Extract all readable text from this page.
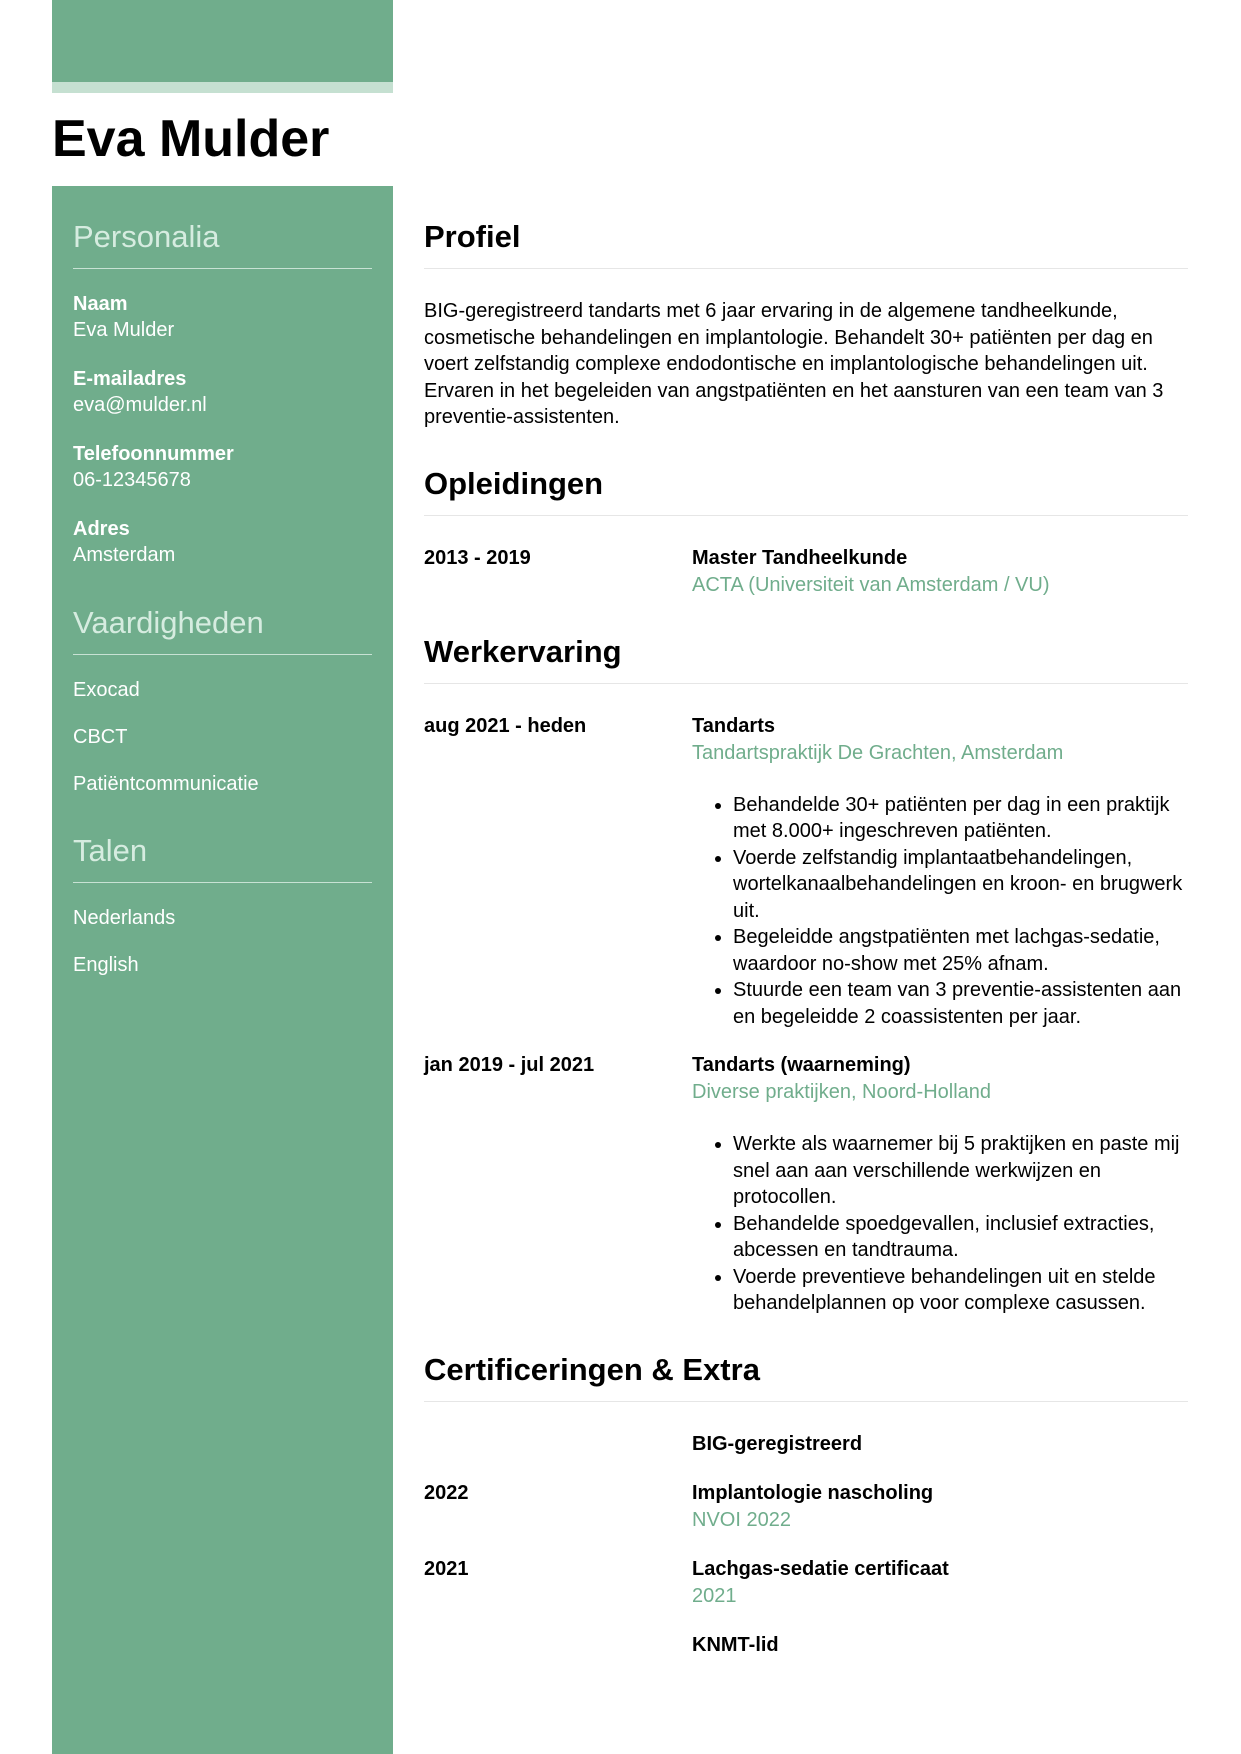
Eva Mulder
Personalia
Naam
Eva Mulder
E-mailadres
eva@mulder.nl
Telefoonnummer
06-12345678
Adres
Amsterdam
Vaardigheden
Exocad
CBCT
Patiëntcommunicatie
Talen
Nederlands
English
Profiel

BIG-geregistreerd tandarts met 6 jaar ervaring in de algemene tandheelkunde, cosmetische behandelingen en implantologie. Behandelt 30+ patiënten per dag en voert zelfstandig complexe endodontische en implantologische behandelingen uit. Ervaren in het begeleiden van angstpatiënten en het aansturen van een team van 3 preventie-assistenten.

Opleidingen
2013 - 2019	Master Tandheelkunde
ACTA (Universiteit van Amsterdam / VU)
Werkervaring
aug 2021 - heden	Tandarts
Tandartspraktijk De Grachten, Amsterdam
• Behandelde 30+ patiënten per dag in een praktijk met 8.000+ ingeschreven patiënten.
• Voerde zelfstandig implantaatbehandelingen, wortelkanaalbehandelingen en kroon- en brugwerk uit.
• Begeleidde angstpatiënten met lachgas-sedatie, waardoor no-show met 25% afnam.
• Stuurde een team van 3 preventie-assistenten aan en begeleidde 2 coassistenten per jaar.
jan 2019 - jul 2021	Tandarts (waarneming)
Diverse praktijken, Noord-Holland
• Werkte als waarnemer bij 5 praktijken en paste mij snel aan aan verschillende werkwijzen en protocollen.
• Behandelde spoedgevallen, inclusief extracties, abcessen en tandtrauma.
• Voerde preventieve behandelingen uit en stelde behandelplannen op voor complexe casussen.
Certificeringen & Extra
BIG-geregistreerd
2022	Implantologie nascholing
NVOI 2022
2021	Lachgas-sedatie certificaat
2021
KNMT-lid
